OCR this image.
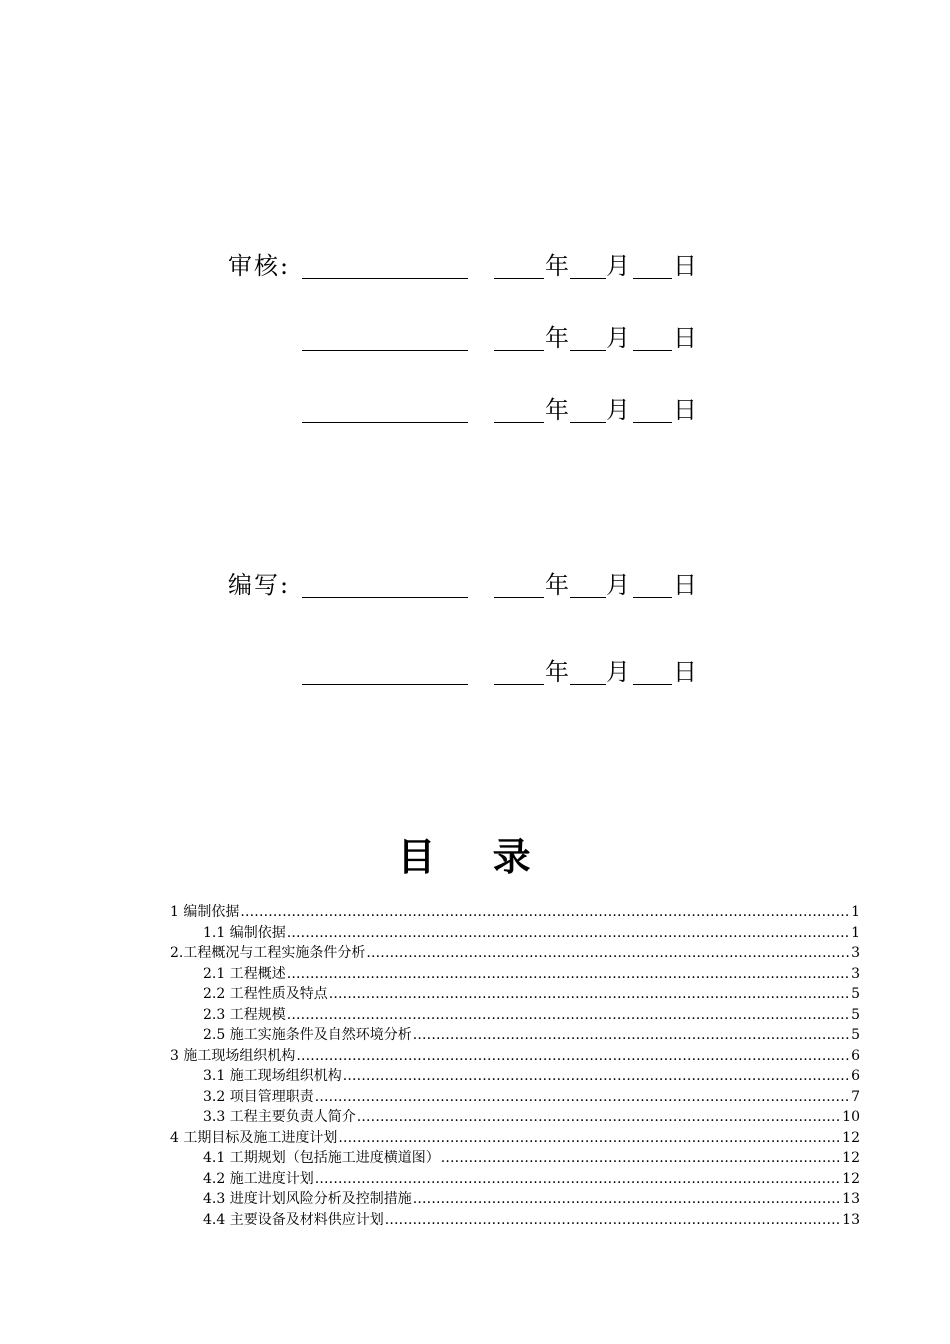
审核:	年 月 日
年 月 日
年 月 日
编写:	年 月 日
年 月 日
目 录
1 编制依据 .....	1
1.1 编制依据 .....	1
2.工程概况与工程实施条件分析 .....	3
2.1 工程概述 .....	3
2.2 工程性质及特点 .....	5
2.3 工程规模 .....	5
2.5 施工实施条件及自然环境分析 .....	5
3 施工现场组织机构 .....	6
3.1 施工现场组织机构 .....	6
3.2 项目管理职责 .....	7
3.3 工程主要负责人简介 .....	10
4 工期目标及施工进度计划 .....	12
4.1 工期规划（包括施工进度横道图） .....	12
4.2 施工进度计划 .....	12
4.3 进度计划风险分析及控制措施 .....	13
4.4 主要设备及材料供应计划 .....	13
